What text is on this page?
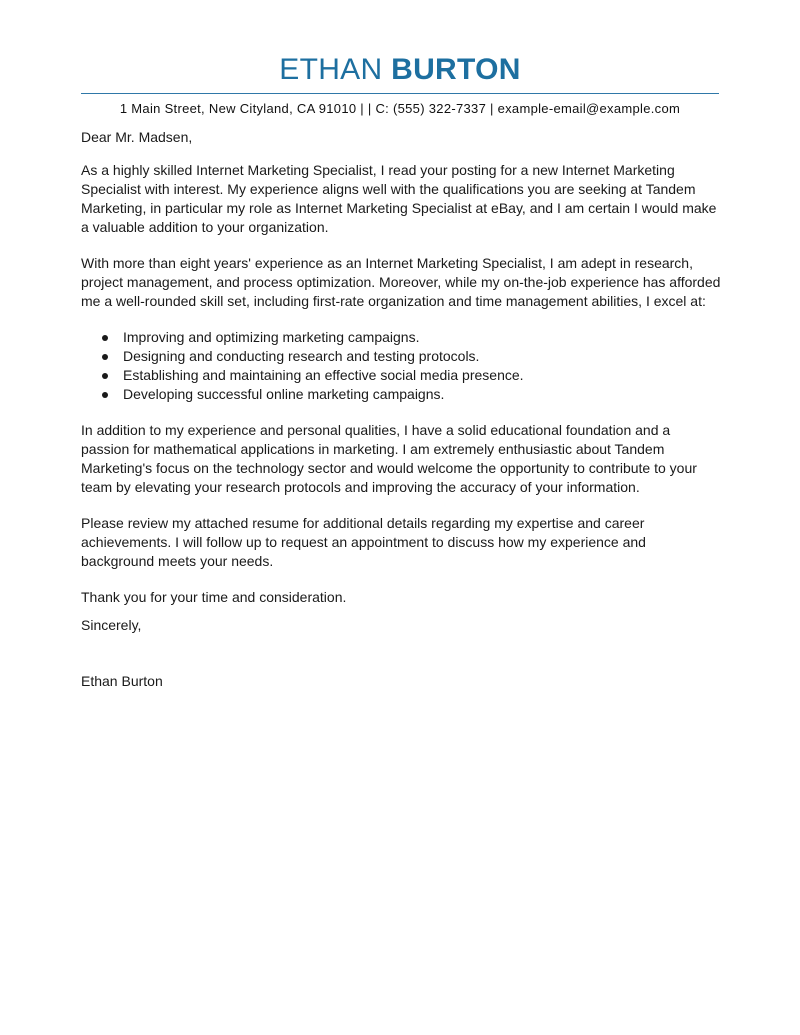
ETHAN BURTON
1 Main Street, New Cityland, CA 91010 | | C: (555) 322-7337 | example-email@example.com

Dear Mr. Madsen,

As a highly skilled Internet Marketing Specialist, I read your posting for a new Internet Marketing Specialist with interest. My experience aligns well with the qualifications you are seeking at Tandem Marketing, in particular my role as Internet Marketing Specialist at eBay, and I am certain I would make a valuable addition to your organization.

With more than eight years' experience as an Internet Marketing Specialist, I am adept in research, project management, and process optimization. Moreover, while my on-the-job experience has afforded me a well-rounded skill set, including first-rate organization and time management abilities, I excel at:

Improving and optimizing marketing campaigns.
Designing and conducting research and testing protocols.
Establishing and maintaining an effective social media presence.
Developing successful online marketing campaigns.

In addition to my experience and personal qualities, I have a solid educational foundation and a passion for mathematical applications in marketing. I am extremely enthusiastic about Tandem Marketing's focus on the technology sector and would welcome the opportunity to contribute to your team by elevating your research protocols and improving the accuracy of your information.

Please review my attached resume for additional details regarding my expertise and career achievements. I will follow up to request an appointment to discuss how my experience and background meets your needs.

Thank you for your time and consideration.

Sincerely,

Ethan Burton
